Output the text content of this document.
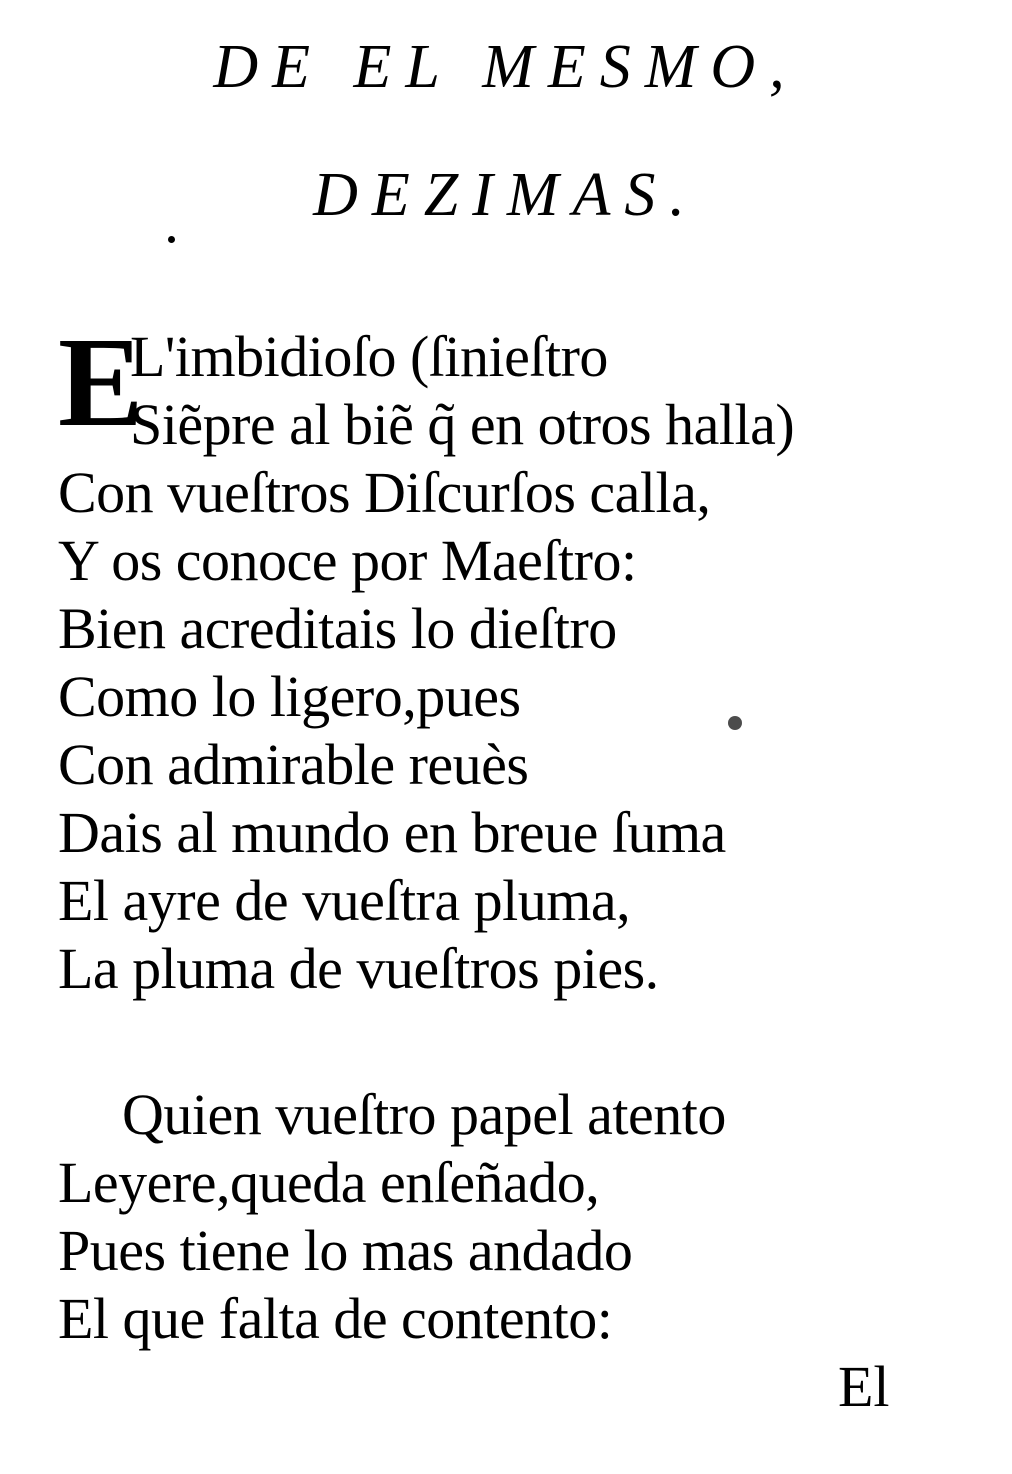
DE EL MESMO,
DEZIMAS.
E
L'imbidioſo (ſinieſtro
Siẽpre al biẽ q̃ en otros halla)
Con vueſtros Diſcurſos calla,
Y os conoce por Maeſtro:
Bien acreditais lo dieſtro
Como lo ligero,pues
Con admirable reuès
Dais al mundo en breue ſuma
El ayre de vueſtra pluma,
La pluma de vueſtros pies.
Quien vueſtro papel atento
Leyere,queda enſeñado,
Pues tiene lo mas andado
El que falta de contento:
El
